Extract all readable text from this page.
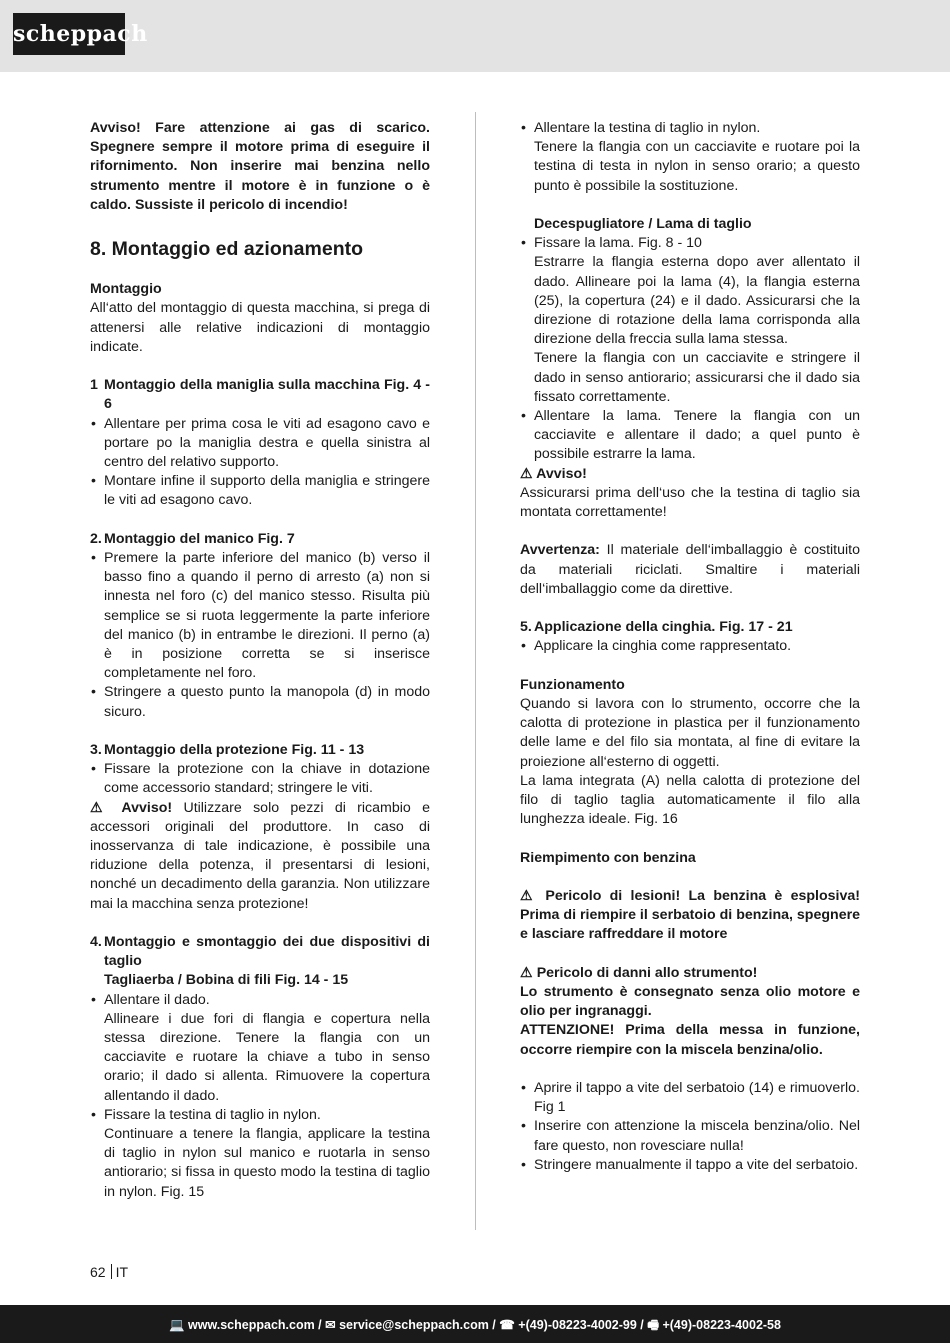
scheppach

Avviso! Fare attenzione ai gas di scarico. Spegnere sempre il motore prima di eseguire il rifornimento. Non inserire mai benzina nello strumento mentre il motore è in funzione o è caldo. Sussiste il pericolo di incendio!

8. Montaggio ed azionamento

Montaggio

All‘atto del montaggio di questa macchina, si prega di attenersi alle relative indicazioni di montaggio indicate.

1 Montaggio della maniglia sulla macchina Fig. 4 - 6
• Allentare per prima cosa le viti ad esagono cavo e portare po la maniglia destra e quella sinistra al centro del relativo supporto.
• Montare infine il supporto della maniglia e stringere le viti ad esagono cavo.
2. Montaggio del manico Fig. 7
• Premere la parte inferiore del manico (b) verso il basso fino a quando il perno di arresto (a) non si innesta nel foro (c) del manico stesso. Risulta più semplice se si ruota leggermente la parte inferiore del manico (b) in entrambe le direzioni. Il perno (a) è in posizione corretta se si inserisce completamente nel foro.
• Stringere a questo punto la manopola (d) in modo sicuro.
3. Montaggio della protezione Fig. 11 - 13
• Fissare la protezione con la chiave in dotazione come accessorio standard; stringere le viti.

⚠ Avviso! Utilizzare solo pezzi di ricambio e accessori originali del produttore. In caso di inosservanza di tale indicazione, è possibile una riduzione della potenza, il presentarsi di lesioni, nonché un decadimento della garanzia. Non utilizzare mai la macchina senza protezione!

4. Montaggio e smontaggio dei due dispositivi di taglio

Tagliaerba / Bobina di fili Fig. 14 - 15

• Allentare il dado.
Allineare i due fori di flangia e copertura nella stessa direzione. Tenere la flangia con un cacciavite e ruotare la chiave a tubo in senso orario; il dado si allenta. Rimuovere la copertura allentando il dado.
• Fissare la testina di taglio in nylon.
Continuare a tenere la flangia, applicare la testina di taglio in nylon sul manico e ruotarla in senso antiorario; si fissa in questo modo la testina di taglio in nylon. Fig. 15
• Allentare la testina di taglio in nylon.
Tenere la flangia con un cacciavite e ruotare poi la testina di testa in nylon in senso orario; a questo punto è possibile la sostituzione.

Decespugliatore / Lama di taglio

• Fissare la lama. Fig. 8 - 10
Estrarre la flangia esterna dopo aver allentato il dado. Allineare poi la lama (4), la flangia esterna (25), la copertura (24) e il dado. Assicurarsi che la direzione di rotazione della lama corrisponda alla direzione della freccia sulla lama stessa.
Tenere la flangia con un cacciavite e stringere il dado in senso antiorario; assicurarsi che il dado sia fissato correttamente.
• Allentare la lama. Tenere la flangia con un cacciavite e allentare il dado; a quel punto è possibile estrarre la lama.

⚠ Avviso!

Assicurarsi prima dell‘uso che la testina di taglio sia montata correttamente!

Avvertenza: Il materiale dell‘imballaggio è costituito da materiali riciclati. Smaltire i materiali dell‘imballaggio come da direttive.

5. Applicazione della cinghia. Fig. 17 - 21
• Applicare la cinghia come rappresentato.

Funzionamento

Quando si lavora con lo strumento, occorre che la calotta di protezione in plastica per il funzionamento delle lame e del filo sia montata, al fine di evitare la proiezione all‘esterno di oggetti.

La lama integrata (A) nella calotta di protezione del filo di taglio taglia automaticamente il filo alla lunghezza ideale. Fig. 16

Riempimento con benzina

⚠ Pericolo di lesioni! La benzina è esplosiva! Prima di riempire il serbatoio di benzina, spegnere e lasciare raffreddare il motore

⚠ Pericolo di danni allo strumento!

Lo strumento è consegnato senza olio motore e olio per ingranaggi.

ATTENZIONE! Prima della messa in funzione, occorre riempire con la miscela benzina/olio.

• Aprire il tappo a vite del serbatoio (14) e rimuoverlo. Fig 1
• Inserire con attenzione la miscela benzina/olio. Nel fare questo, non rovesciare nulla!
• Stringere manualmente il tappo a vite del serbatoio.
62 IT
💻 www.scheppach.com / ✉ service@scheppach.com / ☎ +(49)-08223-4002-99 / 🖷 +(49)-08223-4002-58
